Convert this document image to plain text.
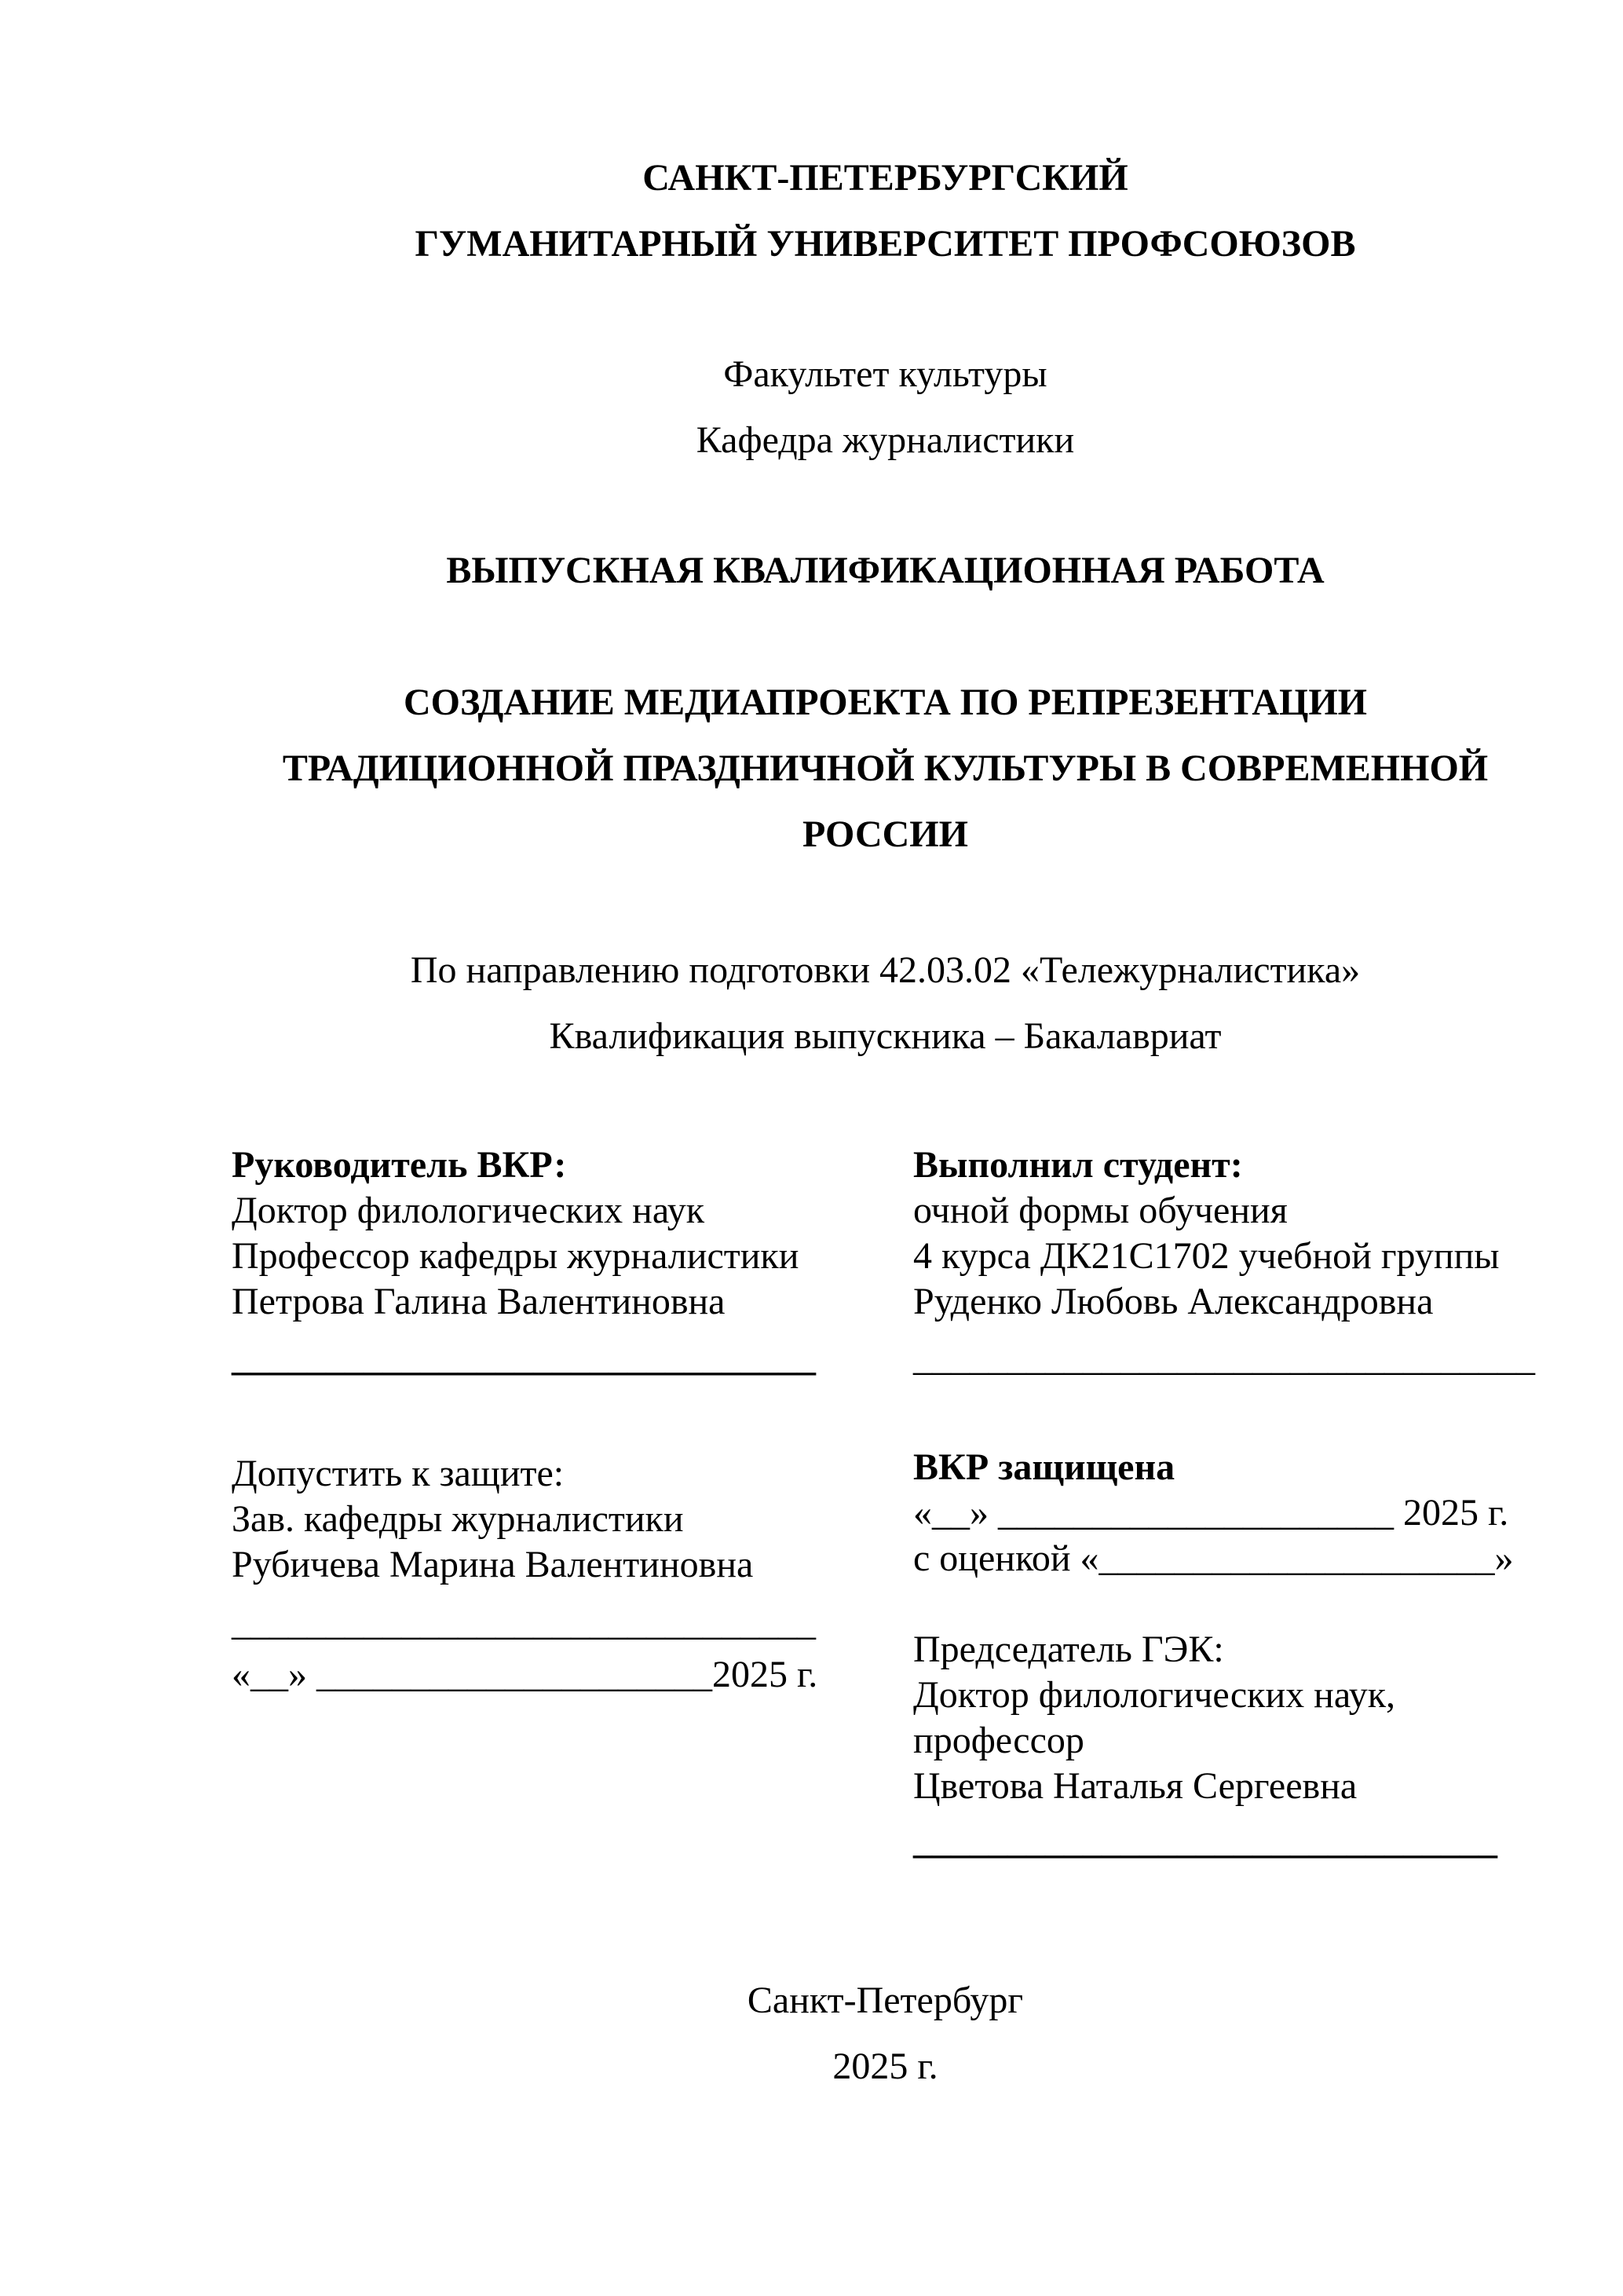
САНКТ-ПЕТЕРБУРГСКИЙ
ГУМАНИТАРНЫЙ УНИВЕРСИТЕТ ПРОФСОЮЗОВ
Факультет культуры
Кафедра журналистики
ВЫПУСКНАЯ КВАЛИФИКАЦИОННАЯ РАБОТА
СОЗДАНИЕ МЕДИАПРОЕКТА ПО РЕПРЕЗЕНТАЦИИ
ТРАДИЦИОННОЙ ПРАЗДНИЧНОЙ КУЛЬТУРЫ В СОВРЕМЕННОЙ
РОССИИ
По направлению подготовки 42.03.02 «Тележурналистика»
Квалификация выпускника – Бакалавриат
Руководитель ВКР:
Доктор филологических наук
Профессор кафедры журналистики
Петрова Галина Валентиновна
_______________________________
Выполнил студент:
очной формы обучения
4 курса ДК21С1702 учебной группы
Руденко Любовь Александровна
_________________________________
Допустить к защите:
Зав. кафедры журналистики
Рубичева Марина Валентиновна
_______________________________
«__» _____________________2025 г.
ВКР защищена
«__» _____________________ 2025 г.
с оценкой «_____________________»
Председатель ГЭК:
Доктор филологических наук,
профессор
Цветова Наталья Сергеевна
_______________________________
Санкт-Петербург
2025 г.
